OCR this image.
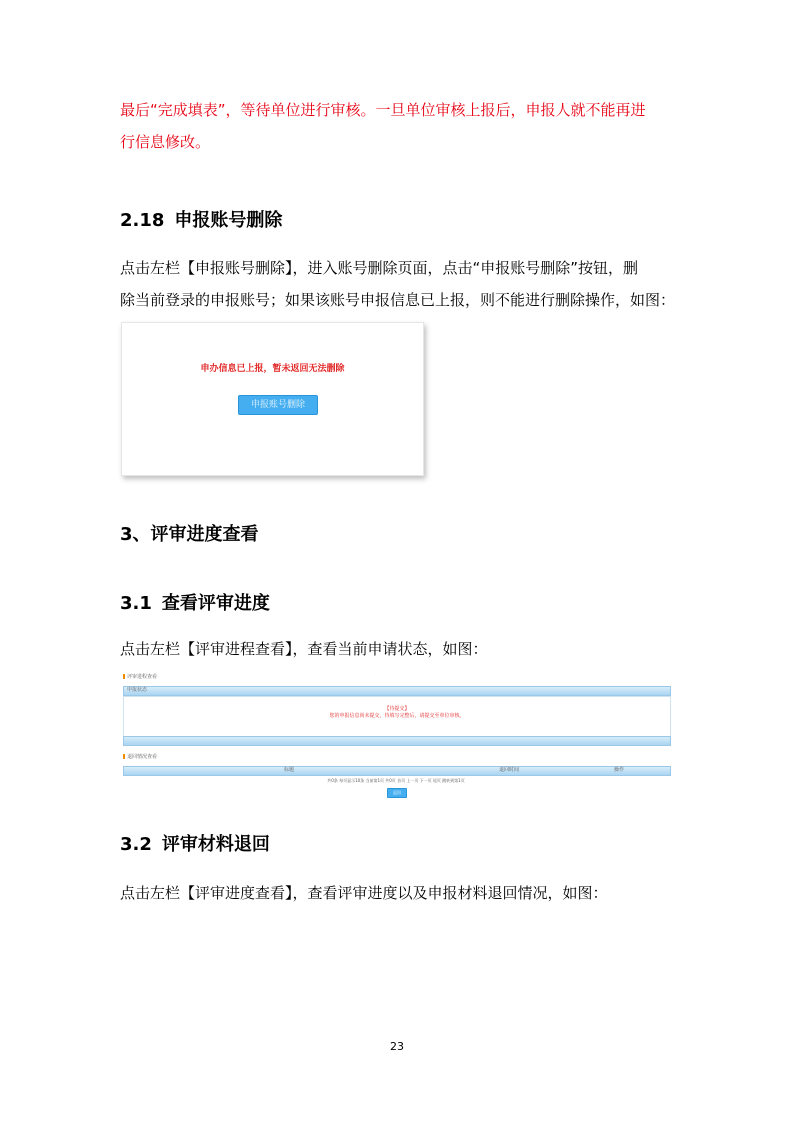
最后“完成填表”，等待单位进行审核。一旦单位审核上报后，申报人就不能再进
行信息修改。
2.18 申报账号删除
点击左栏【申报账号删除】，进入账号删除页面，点击“申报账号删除”按钮，删
除当前登录的申报账号；如果该账号申报信息已上报，则不能进行删除操作，如图：
申办信息已上报，暂未返回无法删除
申报账号删除
3、评审进度查看
3.1 查看评审进度
点击左栏【评审进程查看】，查看当前申请状态，如图：
评审进程查看
申报状态
【待提交】
您的申报信息尚未提交，待填写完整后，请提交至单位审核。
退回情况查看
标题	退回时间	操作
共0条 每页显示10条 当前第1页 共0页 首页 上一页 下一页 尾页 跳转到第1页
返回
3.2 评审材料退回
点击左栏【评审进度查看】，查看评审进度以及申报材料退回情况，如图：
23
